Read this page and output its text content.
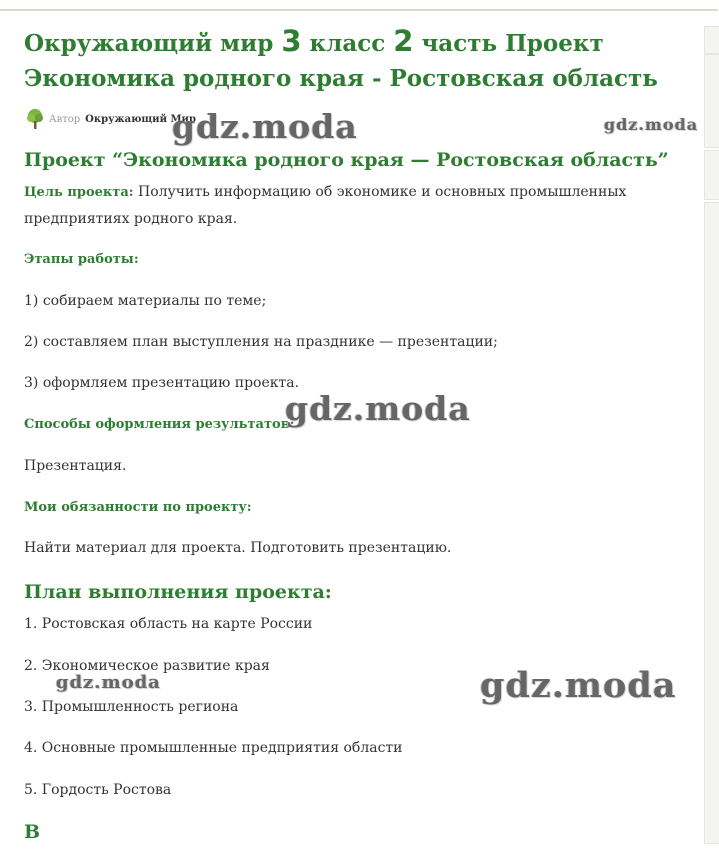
Окружающий мир 3 класс 2 часть Проект
Экономика родного края - Ростовская область
Автор Окружающий Мир
Проект “Экономика родного края — Ростовская область”

Цель проекта: Получить информацию об экономике и основных промышленных
предприятиях родного края.

Этапы работы:

1) собираем материалы по теме;

2) составляем план выступления на празднике — презентации;

3) оформляем презентацию проекта.

Способы оформления результатов:

Презентация.

Мои обязанности по проекту:

Найти материал для проекта. Подготовить презентацию.

План выполнения проекта:

1. Ростовская область на карте России

2. Экономическое развитие края

3. Промышленность региона

4. Основные промышленные предприятия области

5. Гордость Ростова

В
gdz.moda	gdz.moda
gdz.moda
gdz.moda
gdz.moda
